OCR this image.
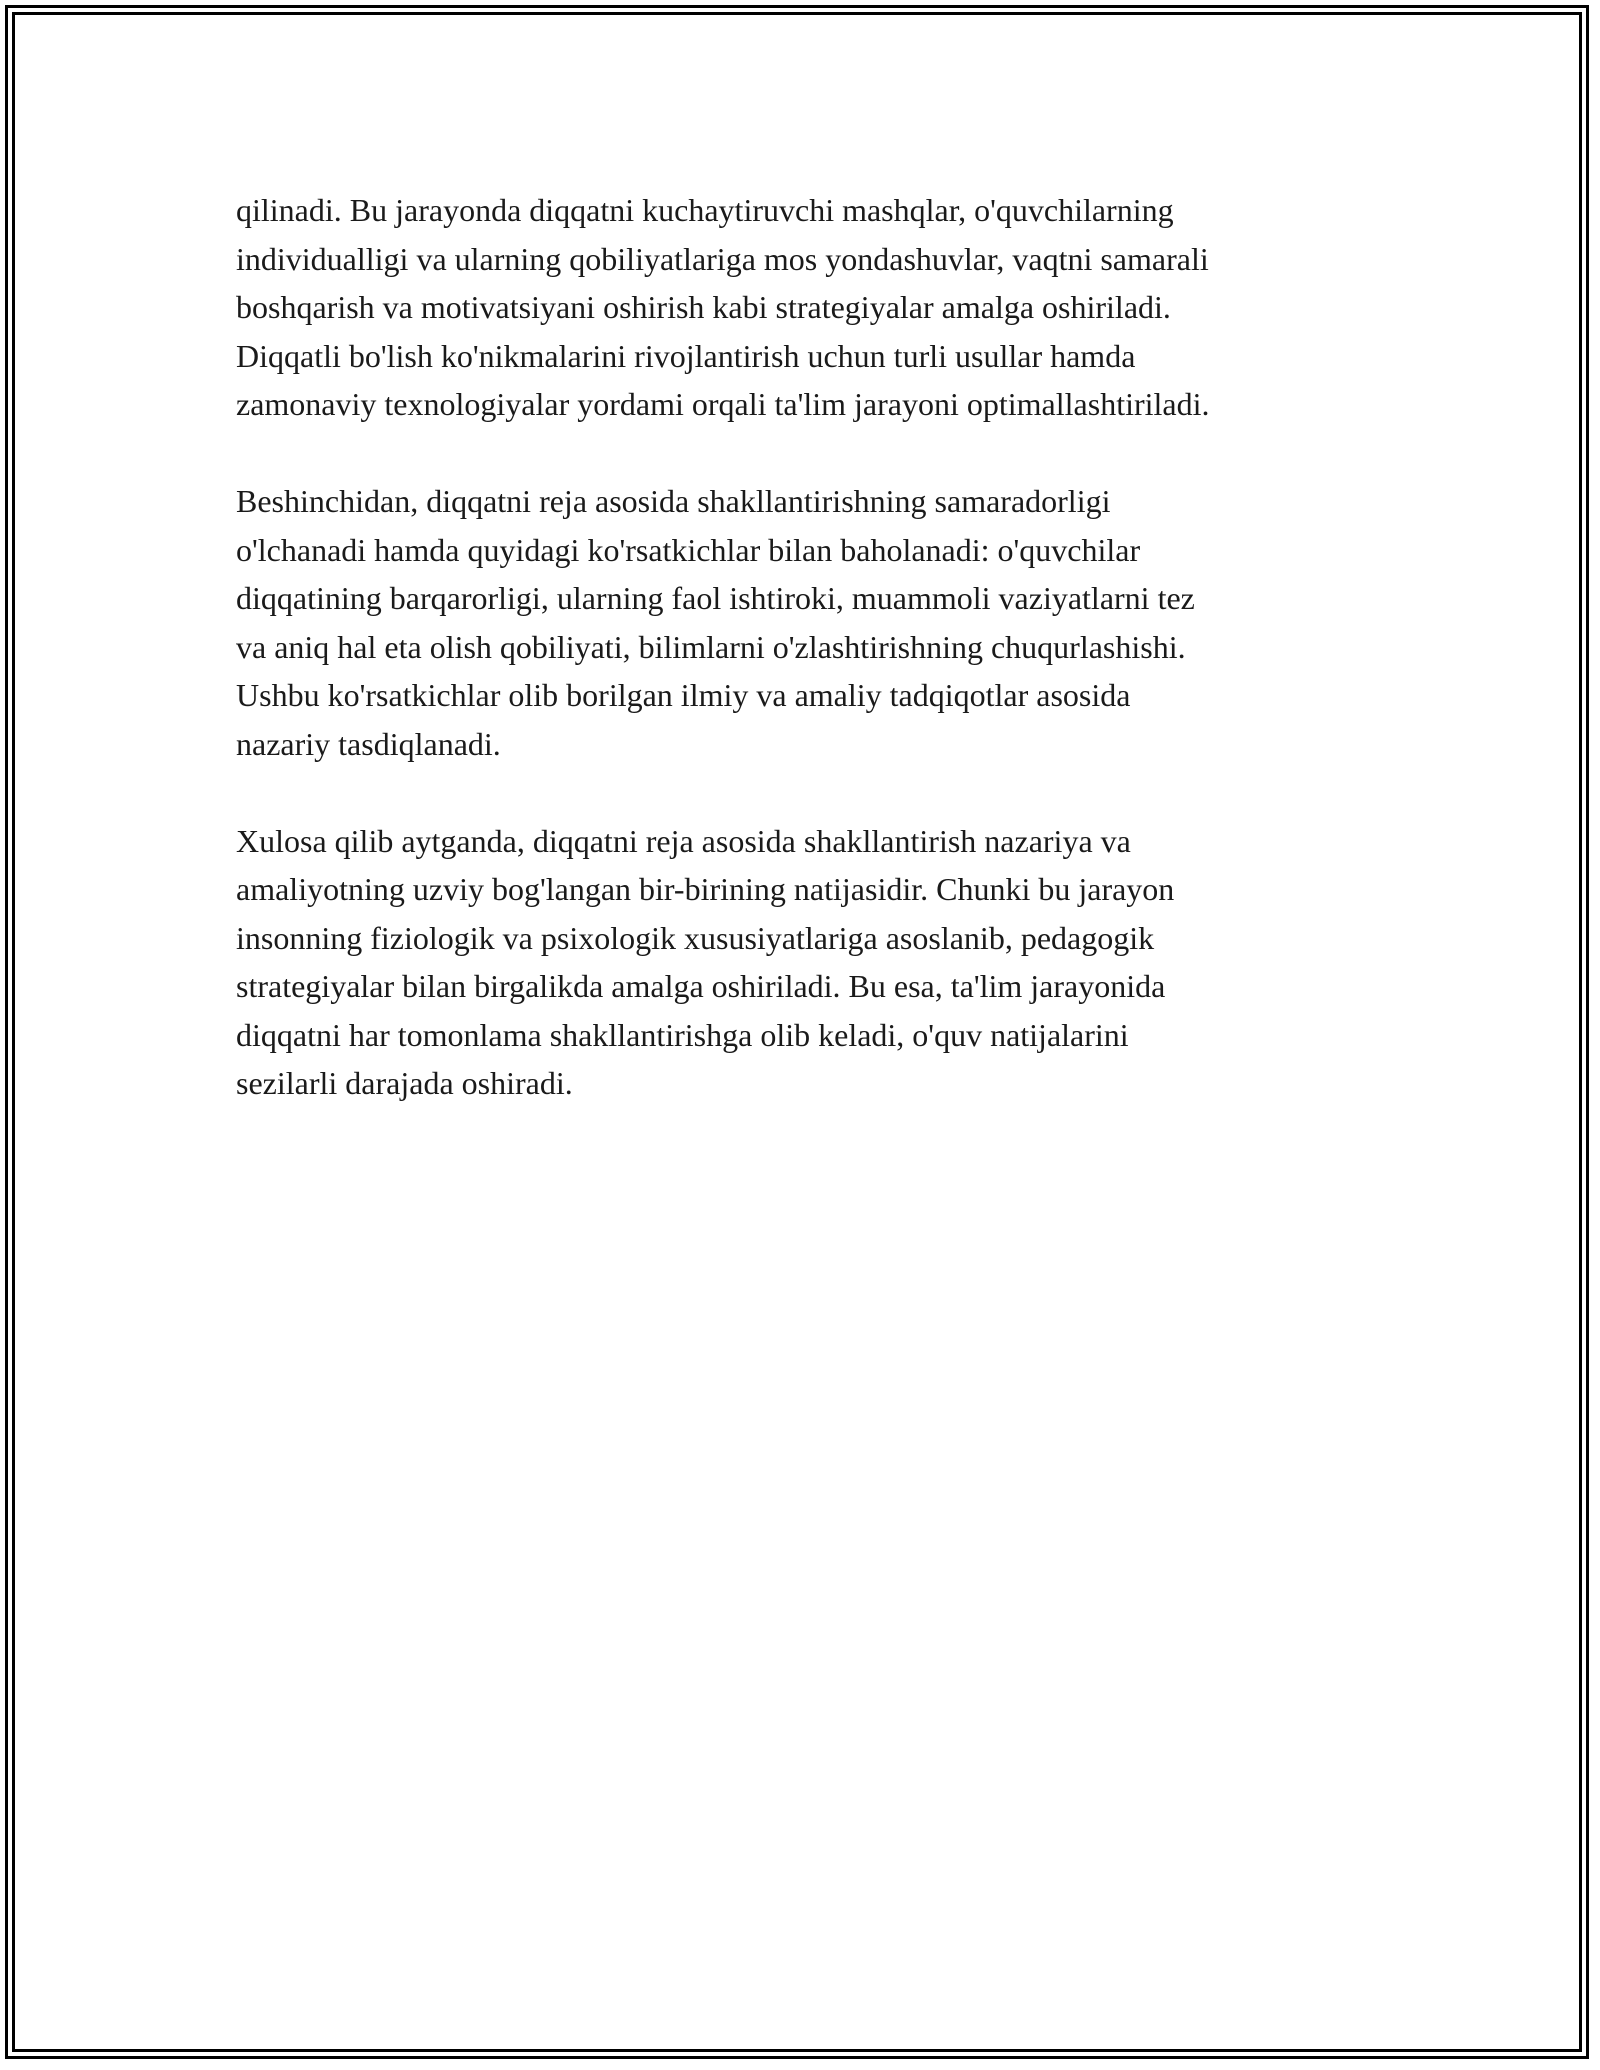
qilinadi. Bu jarayonda diqqatni kuchaytiruvchi mashqlar, o'quvchilarning
individualligi va ularning qobiliyatlariga mos yondashuvlar, vaqtni samarali
boshqarish va motivatsiyani oshirish kabi strategiyalar amalga oshiriladi.
Diqqatli bo'lish ko'nikmalarini rivojlantirish uchun turli usullar hamda
zamonaviy texnologiyalar yordami orqali ta'lim jarayoni optimallashtiriladi.

Beshinchidan, diqqatni reja asosida shakllantirishning samaradorligi
o'lchanadi hamda quyidagi ko'rsatkichlar bilan baholanadi: o'quvchilar
diqqatining barqarorligi, ularning faol ishtiroki, muammoli vaziyatlarni tez
va aniq hal eta olish qobiliyati, bilimlarni o'zlashtirishning chuqurlashishi.
Ushbu ko'rsatkichlar olib borilgan ilmiy va amaliy tadqiqotlar asosida
nazariy tasdiqlanadi.

Xulosa qilib aytganda, diqqatni reja asosida shakllantirish nazariya va
amaliyotning uzviy bog'langan bir-birining natijasidir. Chunki bu jarayon
insonning fiziologik va psixologik xususiyatlariga asoslanib, pedagogik
strategiyalar bilan birgalikda amalga oshiriladi. Bu esa, ta'lim jarayonida
diqqatni har tomonlama shakllantirishga olib keladi, o'quv natijalarini
sezilarli darajada oshiradi.
